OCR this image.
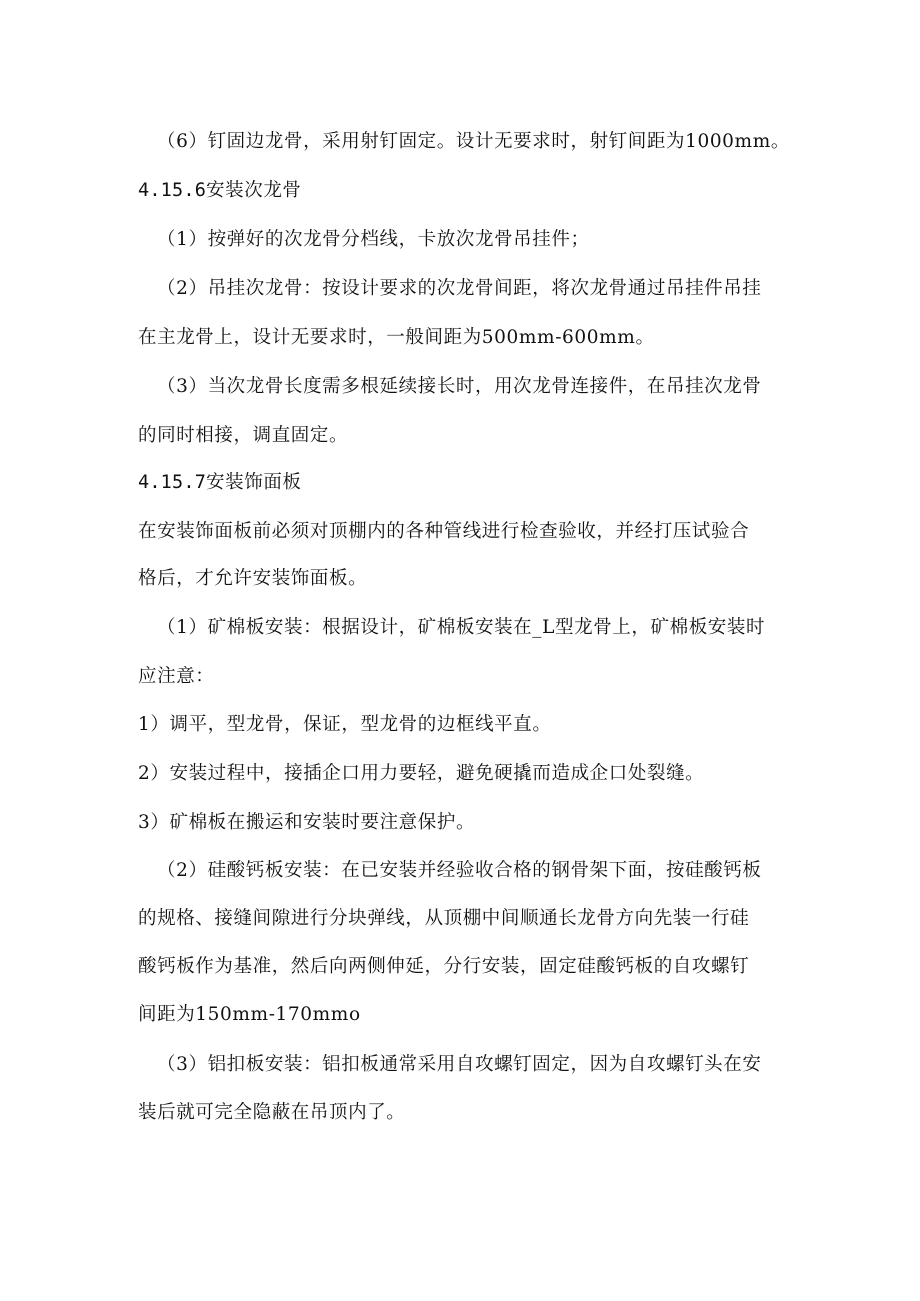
（6）钉固边龙骨，采用射钉固定。设计无要求时，射钉间距为1000mm。
4.15.6安装次龙骨
（1）按弹好的次龙骨分档线，卡放次龙骨吊挂件；
（2）吊挂次龙骨：按设计要求的次龙骨间距，将次龙骨通过吊挂件吊挂
在主龙骨上，设计无要求时，一般间距为500mm-600mm。
（3）当次龙骨长度需多根延续接长时，用次龙骨连接件，在吊挂次龙骨
的同时相接，调直固定。
4.15.7安装饰面板
在安装饰面板前必须对顶棚内的各种管线进行检查验收，并经打压试验合
格后，才允许安装饰面板。
（1）矿棉板安装：根据设计，矿棉板安装在_L型龙骨上，矿棉板安装时
应注意：
1）调平，型龙骨，保证，型龙骨的边框线平直。
2）安装过程中，接插企口用力要轻，避免硬撬而造成企口处裂缝。
3）矿棉板在搬运和安装时要注意保护。
（2）硅酸钙板安装：在已安装并经验收合格的钢骨架下面，按硅酸钙板
的规格、接缝间隙进行分块弹线，从顶棚中间顺通长龙骨方向先装一行硅
酸钙板作为基准，然后向两侧伸延，分行安装，固定硅酸钙板的自攻螺钉
间距为150mm-170mmo
（3）铝扣板安装：铝扣板通常采用自攻螺钉固定，因为自攻螺钉头在安
装后就可完全隐蔽在吊顶内了。
